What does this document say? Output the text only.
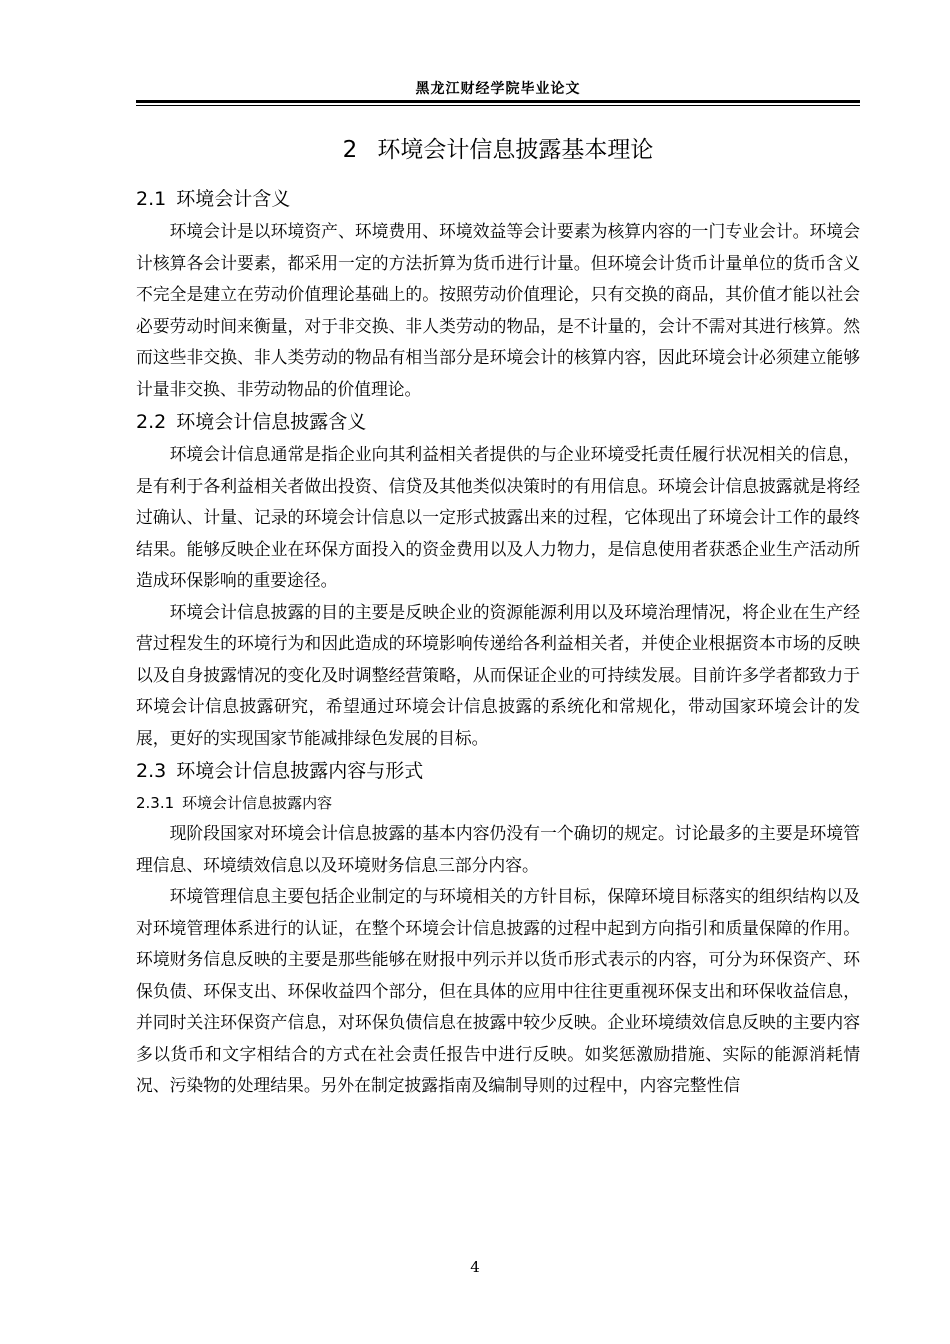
黑龙江财经学院毕业论文
2 环境会计信息披露基本理论
2.1 环境会计含义

环境会计是以环境资产、环境费用、环境效益等会计要素为核算内容的一门专业会计。环境会计核算各会计要素，都采用一定的方法折算为货币进行计量。但环境会计货币计量单位的货币含义不完全是建立在劳动价值理论基础上的。按照劳动价值理论，只有交换的商品，其价值才能以社会必要劳动时间来衡量，对于非交换、非人类劳动的物品，是不计量的，会计不需对其进行核算。然而这些非交换、非人类劳动的物品有相当部分是环境会计的核算内容，因此环境会计必须建立能够计量非交换、非劳动物品的价值理论。

2.2 环境会计信息披露含义

环境会计信息通常是指企业向其利益相关者提供的与企业环境受托责任履行状况相关的信息，是有利于各利益相关者做出投资、信贷及其他类似决策时的有用信息。环境会计信息披露就是将经过确认、计量、记录的环境会计信息以一定形式披露出来的过程，它体现出了环境会计工作的最终结果。能够反映企业在环保方面投入的资金费用以及人力物力，是信息使用者获悉企业生产活动所造成环保影响的重要途径。

环境会计信息披露的目的主要是反映企业的资源能源利用以及环境治理情况，将企业在生产经营过程发生的环境行为和因此造成的环境影响传递给各利益相关者，并使企业根据资本市场的反映以及自身披露情况的变化及时调整经营策略，从而保证企业的可持续发展。目前许多学者都致力于环境会计信息披露研究，希望通过环境会计信息披露的系统化和常规化，带动国家环境会计的发展，更好的实现国家节能减排绿色发展的目标。

2.3 环境会计信息披露内容与形式
2.3.1 环境会计信息披露内容

现阶段国家对环境会计信息披露的基本内容仍没有一个确切的规定。讨论最多的主要是环境管理信息、环境绩效信息以及环境财务信息三部分内容。

环境管理信息主要包括企业制定的与环境相关的方针目标，保障环境目标落实的组织结构以及对环境管理体系进行的认证，在整个环境会计信息披露的过程中起到方向指引和质量保障的作用。环境财务信息反映的主要是那些能够在财报中列示并以货币形式表示的内容，可分为环保资产、环保负债、环保支出、环保收益四个部分，但在具体的应用中往往更重视环保支出和环保收益信息，并同时关注环保资产信息，对环保负债信息在披露中较少反映。企业环境绩效信息反映的主要内容多以货币和文字相结合的方式在社会责任报告中进行反映。如奖惩激励措施、实际的能源消耗情况、污染物的处理结果。另外在制定披露指南及编制导则的过程中，内容完整性信

4
